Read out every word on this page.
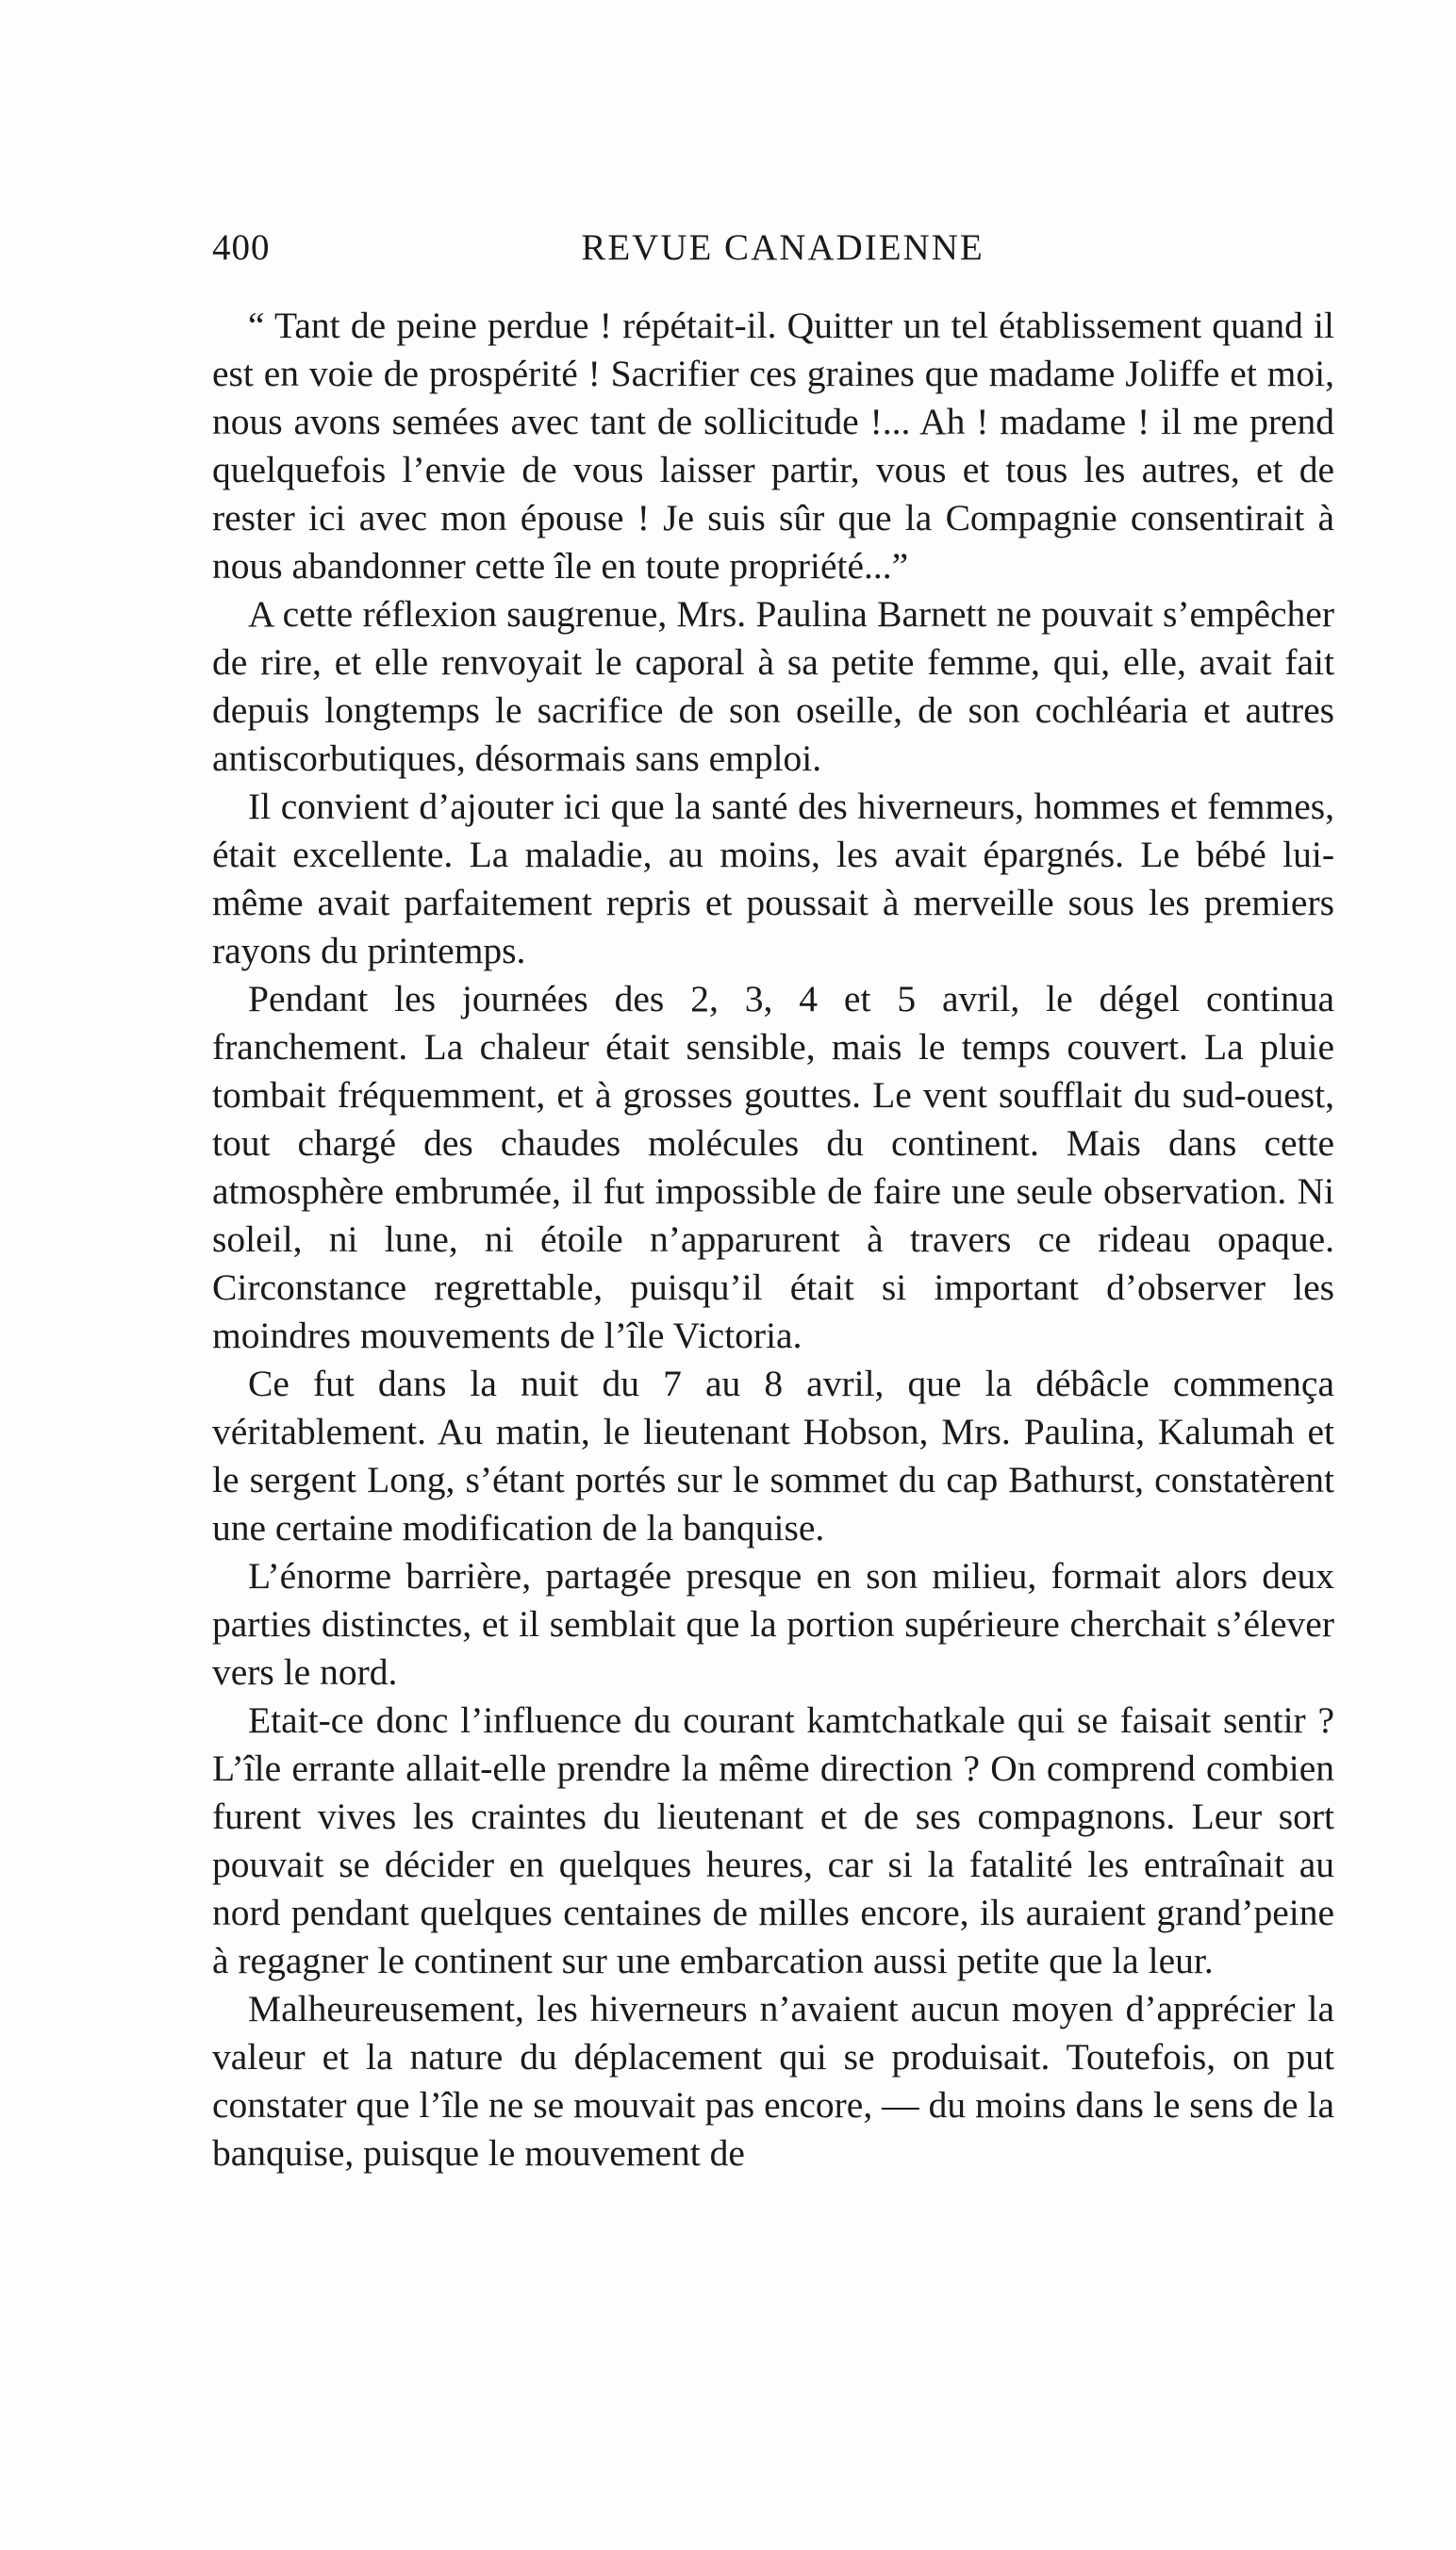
400	REVUE CANADIENNE

“ Tant de peine perdue ! répétait-il. Quitter un tel établissement quand il est en voie de prospérité ! Sacrifier ces graines que madame Joliffe et moi, nous avons semées avec tant de sollicitude !... Ah ! madame ! il me prend quelquefois l’envie de vous laisser partir, vous et tous les autres, et de rester ici avec mon épouse ! Je suis sûr que la Compagnie consentirait à nous abandonner cette île en toute propriété...”

A cette réflexion saugrenue, Mrs. Paulina Barnett ne pouvait s’empêcher de rire, et elle renvoyait le caporal à sa petite femme, qui, elle, avait fait depuis longtemps le sacrifice de son oseille, de son cochléaria et autres antiscorbutiques, désormais sans emploi.

Il convient d’ajouter ici que la santé des hiverneurs, hommes et femmes, était excellente. La maladie, au moins, les avait épargnés. Le bébé lui-même avait parfaitement repris et poussait à merveille sous les premiers rayons du printemps.

Pendant les journées des 2, 3, 4 et 5 avril, le dégel continua franchement. La chaleur était sensible, mais le temps couvert. La pluie tombait fréquemment, et à grosses gouttes. Le vent soufflait du sud-ouest, tout chargé des chaudes molécules du continent. Mais dans cette atmosphère embrumée, il fut impossible de faire une seule observation. Ni soleil, ni lune, ni étoile n’apparurent à travers ce rideau opaque. Circonstance regrettable, puisqu’il était si important d’observer les moindres mouvements de l’île Victoria.

Ce fut dans la nuit du 7 au 8 avril, que la débâcle commença véritablement. Au matin, le lieutenant Hobson, Mrs. Paulina, Kalumah et le sergent Long, s’étant portés sur le sommet du cap Bathurst, constatèrent une certaine modification de la banquise.

L’énorme barrière, partagée presque en son milieu, formait alors deux parties distinctes, et il semblait que la portion supérieure cherchait s’élever vers le nord.

Etait-ce donc l’influence du courant kamtchatkale qui se faisait sentir ? L’île errante allait-elle prendre la même direction ? On comprend combien furent vives les craintes du lieutenant et de ses compagnons. Leur sort pouvait se décider en quelques heures, car si la fatalité les entraînait au nord pendant quelques centaines de milles encore, ils auraient grand’peine à regagner le continent sur une embarcation aussi petite que la leur.

Malheureusement, les hiverneurs n’avaient aucun moyen d’apprécier la valeur et la nature du déplacement qui se produisait. Toutefois, on put constater que l’île ne se mouvait pas encore, — du moins dans le sens de la banquise, puisque le mouvement de
